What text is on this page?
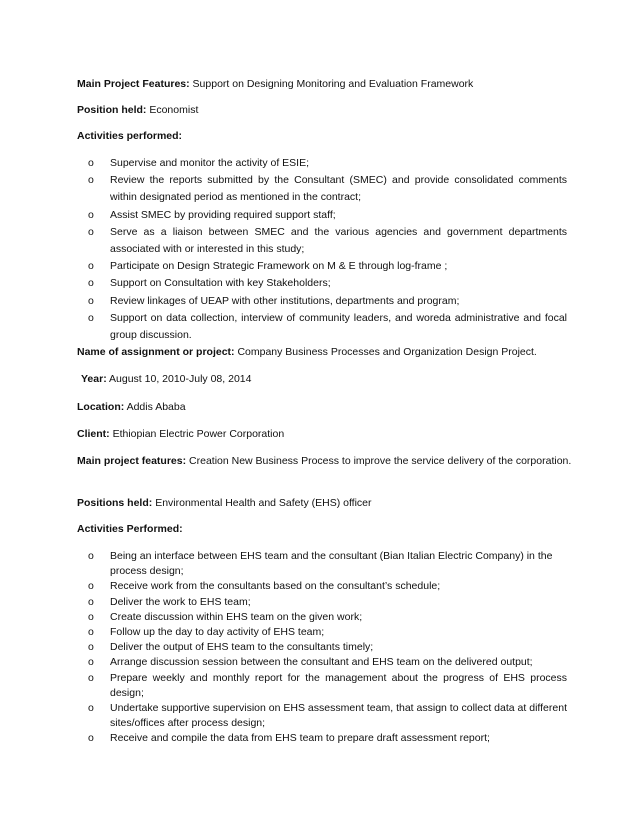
Main Project Features: Support on Designing Monitoring and Evaluation Framework
Position held: Economist
Activities performed:
o Supervise and monitor the activity of ESIE;
o Review the reports submitted by the Consultant (SMEC) and provide consolidated comments within designated period as mentioned in the contract;
o Assist SMEC by providing required support staff;
o Serve as a liaison between SMEC and the various agencies and government departments associated with or interested in this study;
o Participate on Design Strategic Framework on M & E through log-frame ;
o Support on Consultation with key Stakeholders;
o Review linkages of UEAP with other institutions, departments and program;
o Support on data collection, interview of community leaders, and woreda administrative and focal group discussion.
Name of assignment or project: Company Business Processes and Organization Design Project.
Year: August 10, 2010-July 08, 2014
Location: Addis Ababa
Client: Ethiopian Electric Power Corporation
Main project features: Creation New Business Process to improve the service delivery of the corporation.
Positions held: Environmental Health and Safety (EHS) officer
Activities Performed:
o Being an interface between EHS team and the consultant (Bian Italian Electric Company) in the process design;
o Receive work from the consultants based on the consultant’s schedule;
o Deliver the work to EHS team;
o Create discussion within EHS team on the given work;
o Follow up the day to day activity of EHS team;
o Deliver the output of EHS team to the consultants timely;
o Arrange discussion session between the consultant and EHS team on the delivered output;
o Prepare weekly and monthly report for the management about the progress of EHS process design;
o Undertake supportive supervision on EHS assessment team, that assign to collect data at different sites/offices after process design;
o Receive and compile the data from EHS team to prepare draft assessment report;
